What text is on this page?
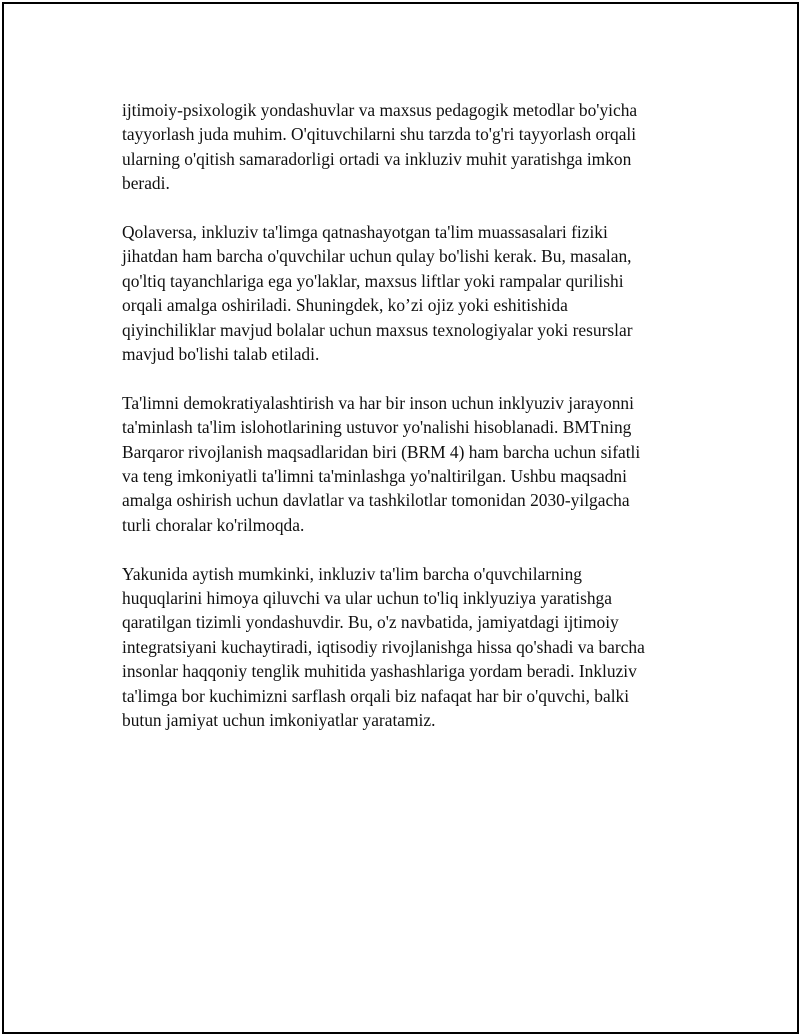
ijtimoiy-psixologik yondashuvlar va maxsus pedagogik metodlar bo'yicha
tayyorlash juda muhim. O'qituvchilarni shu tarzda to'g'ri tayyorlash orqali
ularning o'qitish samaradorligi ortadi va inkluziv muhit yaratishga imkon
beradi.

Qolaversa, inkluziv ta'limga qatnashayotgan ta'lim muassasalari fiziki
jihatdan ham barcha o'quvchilar uchun qulay bo'lishi kerak. Bu, masalan,
qo'ltiq tayanchlariga ega yo'laklar, maxsus liftlar yoki rampalar qurilishi
orqali amalga oshiriladi. Shuningdek, ko’zi ojiz yoki eshitishida
qiyinchiliklar mavjud bolalar uchun maxsus texnologiyalar yoki resurslar
mavjud bo'lishi talab etiladi.

Ta'limni demokratiyalashtirish va har bir inson uchun inklyuziv jarayonni
ta'minlash ta'lim islohotlarining ustuvor yo'nalishi hisoblanadi. BMTning
Barqaror rivojlanish maqsadlaridan biri (BRM 4) ham barcha uchun sifatli
va teng imkoniyatli ta'limni ta'minlashga yo'naltirilgan. Ushbu maqsadni
amalga oshirish uchun davlatlar va tashkilotlar tomonidan 2030-yilgacha
turli choralar ko'rilmoqda.

Yakunida aytish mumkinki, inkluziv ta'lim barcha o'quvchilarning
huquqlarini himoya qiluvchi va ular uchun to'liq inklyuziya yaratishga
qaratilgan tizimli yondashuvdir. Bu, o'z navbatida, jamiyatdagi ijtimoiy
integratsiyani kuchaytiradi, iqtisodiy rivojlanishga hissa qo'shadi va barcha
insonlar haqqoniy tenglik muhitida yashashlariga yordam beradi. Inkluziv
ta'limga bor kuchimizni sarflash orqali biz nafaqat har bir o'quvchi, balki
butun jamiyat uchun imkoniyatlar yaratamiz.
